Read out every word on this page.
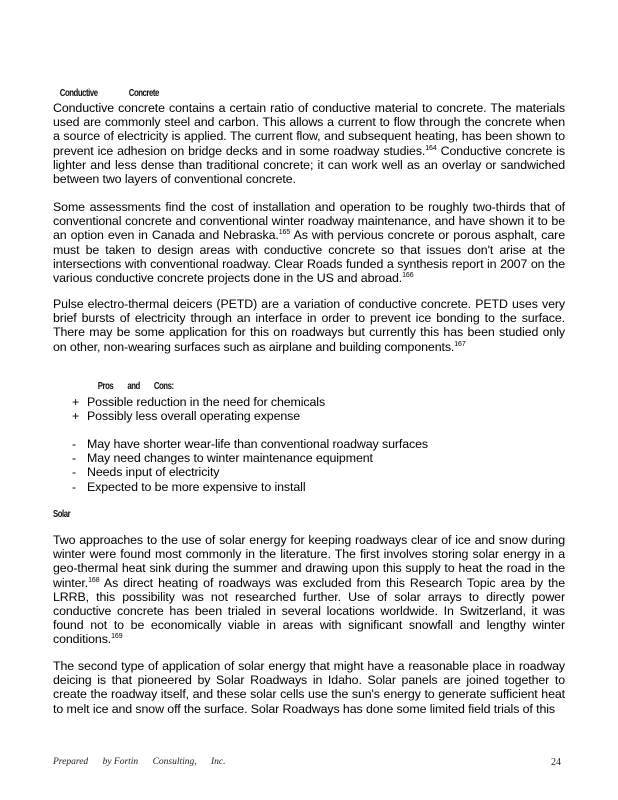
Conductive	Concrete

Conductive concrete contains a certain ratio of conductive material to concrete. The materials used are commonly steel and carbon. This allows a current to flow through the concrete when a source of electricity is applied. The current flow, and subsequent heating, has been shown to prevent ice adhesion on bridge decks and in some roadway studies.$^{164}$ Conductive concrete is lighter and less dense than traditional concrete; it can work well as an overlay or sandwiched between two layers of conventional concrete.

Some assessments find the cost of installation and operation to be roughly two-thirds that of conventional concrete and conventional winter roadway maintenance, and have shown it to be an option even in Canada and Nebraska.$^{165}$ As with pervious concrete or porous asphalt, care must be taken to design areas with conductive concrete so that issues don't arise at the intersections with conventional roadway. Clear Roads funded a synthesis report in 2007 on the various conductive concrete projects done in the US and abroad.$^{166}$

Pulse electro-thermal deicers (PETD) are a variation of conductive concrete. PETD uses very brief bursts of electricity through an interface in order to prevent ice bonding to the surface. There may be some application for this on roadways but currently this has been studied only on other, non-wearing surfaces such as airplane and building components.$^{167}$

Pros and Cons:

+ Possible reduction in the need for chemicals
+ Possibly less overall operating expense
- May have shorter wear-life than conventional roadway surfaces
- May need changes to winter maintenance equipment
- Needs input of electricity
- Expected to be more expensive to install
Solar

Two approaches to the use of solar energy for keeping roadways clear of ice and snow during winter were found most commonly in the literature. The first involves storing solar energy in a geo-thermal heat sink during the summer and drawing upon this supply to heat the road in the winter.$^{168}$ As direct heating of roadways was excluded from this Research Topic area by the LRRB, this possibility was not researched further. Use of solar arrays to directly power conductive concrete has been trialed in several locations worldwide. In Switzerland, it was found not to be economically viable in areas with significant snowfall and lengthy winter conditions.$^{169}$

The second type of application of solar energy that might have a reasonable place in roadway deicing is that pioneered by Solar Roadways in Idaho. Solar panels are joined together to create the roadway itself, and these solar cells use the sun's energy to generate sufficient heat to melt ice and snow off the surface. Solar Roadways has done some limited field trials of this

Prepared by Fortin Consulting, Inc.	24
